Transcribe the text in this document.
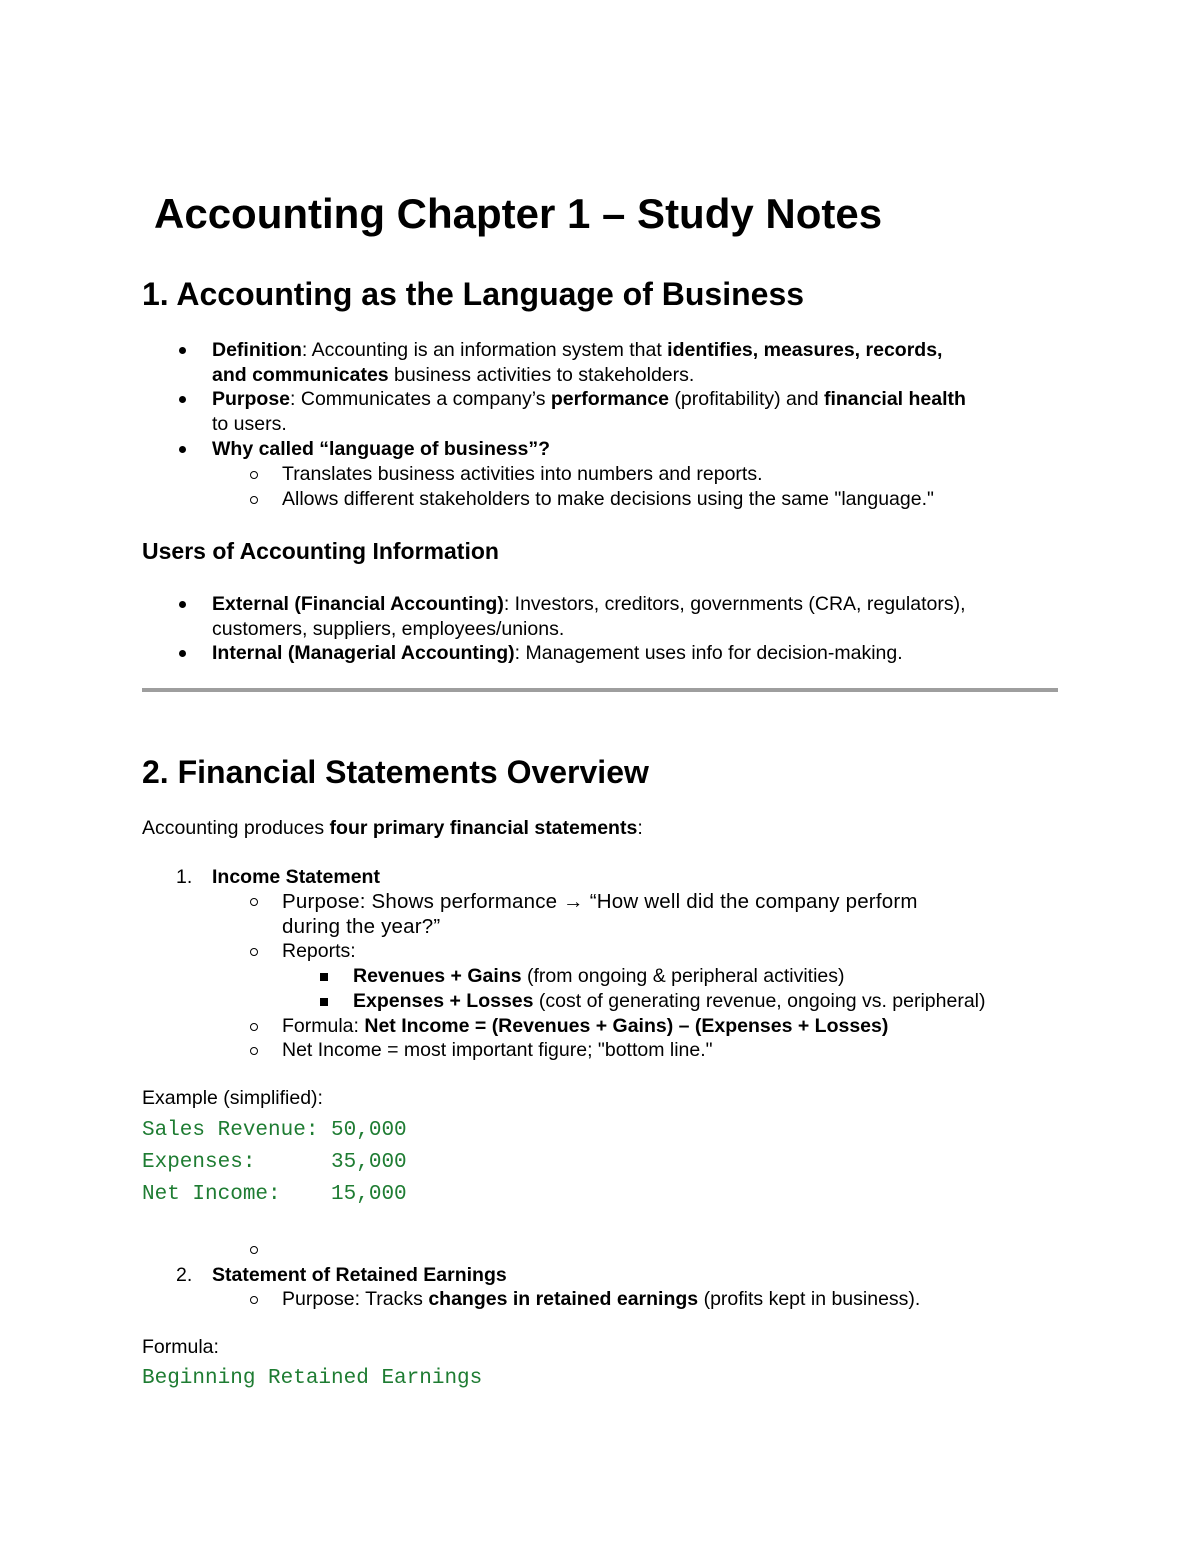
Accounting Chapter 1 – Study Notes
1. Accounting as the Language of Business
Definition: Accounting is an information system that identifies, measures, records,
and communicates business activities to stakeholders.
Purpose: Communicates a company’s performance (profitability) and financial health
to users.
Why called “language of business”?
Translates business activities into numbers and reports.
Allows different stakeholders to make decisions using the same "language."
Users of Accounting Information
External (Financial Accounting): Investors, creditors, governments (CRA, regulators),
customers, suppliers, employees/unions.
Internal (Managerial Accounting): Management uses info for decision-making.
2. Financial Statements Overview
Accounting produces four primary financial statements:
1. Income Statement
Purpose: Shows performance → “How well did the company perform
during the year?”
Reports:
Revenues + Gains (from ongoing & peripheral activities)
Expenses + Losses (cost of generating revenue, ongoing vs. peripheral)
Formula: Net Income = (Revenues + Gains) – (Expenses + Losses)
Net Income = most important figure; "bottom line."
Example (simplified):
Sales Revenue: 50,000
Expenses:      35,000
Net Income:    15,000
2. Statement of Retained Earnings
Purpose: Tracks changes in retained earnings (profits kept in business).
Formula:
Beginning Retained Earnings
